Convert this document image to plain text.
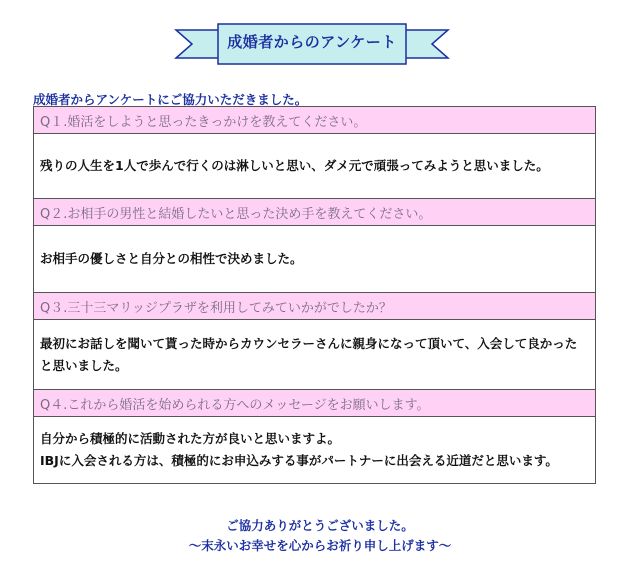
成婚者からのアンケート
成婚者からアンケートにご協力いただきました。
Q１.婚活をしようと思ったきっかけを教えてください。
残りの人生を1人で歩んで行くのは淋しいと思い、ダメ元で頑張ってみようと思いました。
Q２.お相手の男性と結婚したいと思った決め手を教えてください。
お相手の優しさと自分との相性で決めました。
Q３.三十三マリッジプラザを利用してみていかがでしたか？
最初にお話しを聞いて貰った時からカウンセラーさんに親身になって頂いて、入会して良かった
と思いました。
Q４.これから婚活を始められる方へのメッセージをお願いします。
自分から積極的に活動された方が良いと思いますよ。
IBJに入会される方は、積極的にお申込みする事がパートナーに出会える近道だと思います。
ご協力ありがとうございました。
～末永いお幸せを心からお祈り申し上げます～
